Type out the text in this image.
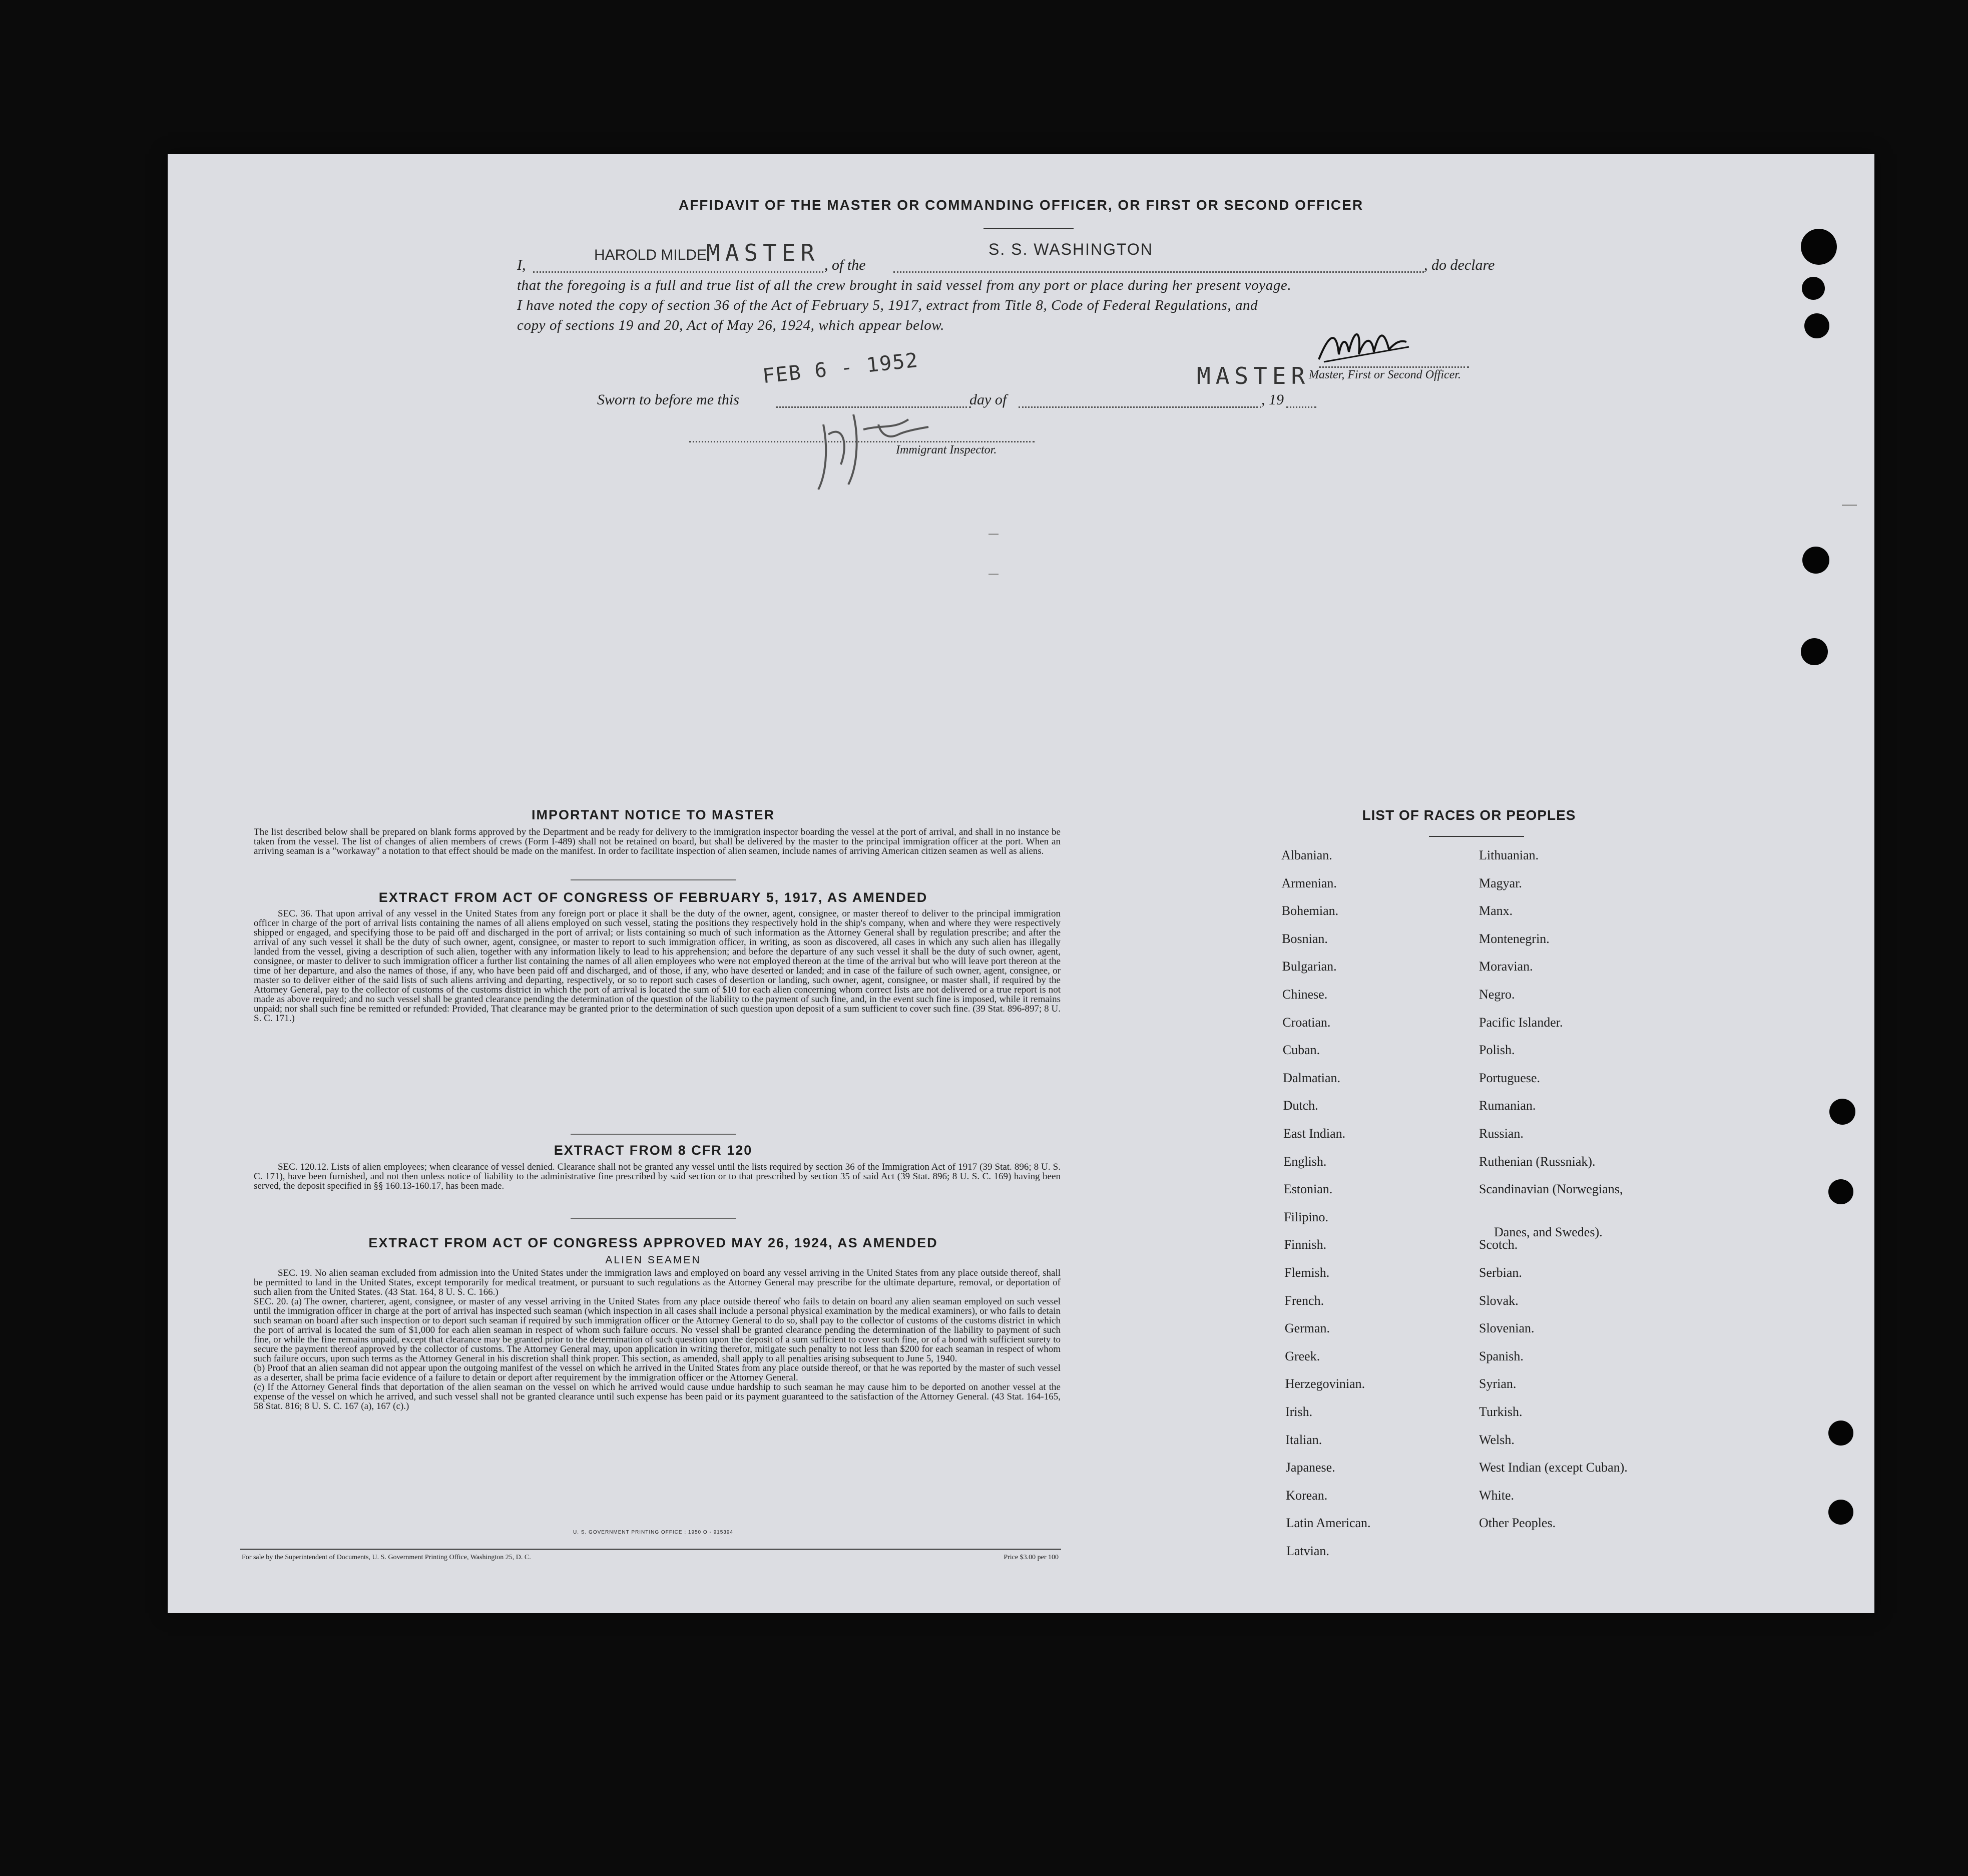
AFFIDAVIT OF THE MASTER OR COMMANDING OFFICER, OR FIRST OR SECOND OFFICER
I,
HAROLD MILDE
MASTER , of the
S. S. WASHINGTON
, do declare
that the foregoing is a full and true list of all the crew brought in said vessel from any port or place during her present voyage.
I have noted the copy of section 36 of the Act of February 5, 1917, extract from Title 8, Code of Federal Regulations, and
copy of sections 19 and 20, Act of May 26, 1924, which appear below.
Master, First or Second Officer.
Sworn to before me this
FEB 6 - 1952
day of
MASTER
, 19
Immigrant Inspector.
IMPORTANT NOTICE TO MASTER

The list described below shall be prepared on blank forms approved by the Department and be ready for delivery to the immigration inspector boarding the vessel at the port of arrival, and shall in no instance be taken from the vessel. The list of changes of alien members of crews (Form I-489) shall not be retained on board, but shall be delivered by the master to the principal immigration officer at the port. When an arriving seaman is a "workaway" a notation to that effect should be made on the manifest. In order to facilitate inspection of alien seamen, include names of arriving American citizen seamen as well as aliens.

EXTRACT FROM ACT OF CONGRESS OF FEBRUARY 5, 1917, AS AMENDED

SEC. 36. That upon arrival of any vessel in the United States from any foreign port or place it shall be the duty of the owner, agent, consignee, or master thereof to deliver to the principal immigration officer in charge of the port of arrival lists containing the names of all aliens employed on such vessel, stating the positions they respectively hold in the ship's company, when and where they were respectively shipped or engaged, and specifying those to be paid off and discharged in the port of arrival; or lists containing so much of such information as the Attorney General shall by regulation prescribe; and after the arrival of any such vessel it shall be the duty of such owner, agent, consignee, or master to report to such immigration officer, in writing, as soon as discovered, all cases in which any such alien has illegally landed from the vessel, giving a description of such alien, together with any information likely to lead to his apprehension; and before the departure of any such vessel it shall be the duty of such owner, agent, consignee, or master to deliver to such immigration officer a further list containing the names of all alien employees who were not employed thereon at the time of the arrival but who will leave port thereon at the time of her departure, and also the names of those, if any, who have been paid off and discharged, and of those, if any, who have deserted or landed; and in case of the failure of such owner, agent, consignee, or master so to deliver either of the said lists of such aliens arriving and departing, respectively, or so to report such cases of desertion or landing, such owner, agent, consignee, or master shall, if required by the Attorney General, pay to the collector of customs of the customs district in which the port of arrival is located the sum of $10 for each alien concerning whom correct lists are not delivered or a true report is not made as above required; and no such vessel shall be granted clearance pending the determination of the question of the liability to the payment of such fine, and, in the event such fine is imposed, while it remains unpaid; nor shall such fine be remitted or refunded: Provided, That clearance may be granted prior to the determination of such question upon deposit of a sum sufficient to cover such fine. (39 Stat. 896-897; 8 U. S. C. 171.)

EXTRACT FROM 8 CFR 120

SEC. 120.12. Lists of alien employees; when clearance of vessel denied. Clearance shall not be granted any vessel until the lists required by section 36 of the Immigration Act of 1917 (39 Stat. 896; 8 U. S. C. 171), have been furnished, and not then unless notice of liability to the administrative fine prescribed by said section or to that prescribed by section 35 of said Act (39 Stat. 896; 8 U. S. C. 169) having been served, the deposit specified in §§ 160.13-160.17, has been made.

EXTRACT FROM ACT OF CONGRESS APPROVED MAY 26, 1924, AS AMENDED
ALIEN SEAMEN

SEC. 19. No alien seaman excluded from admission into the United States under the immigration laws and employed on board any vessel arriving in the United States from any place outside thereof, shall be permitted to land in the United States, except temporarily for medical treatment, or pursuant to such regulations as the Attorney General may prescribe for the ultimate departure, removal, or deportation of such alien from the United States. (43 Stat. 164, 8 U. S. C. 166.)
SEC. 20. (a) The owner, charterer, agent, consignee, or master of any vessel arriving in the United States from any place outside thereof who fails to detain on board any alien seaman employed on such vessel until the immigration officer in charge at the port of arrival has inspected such seaman (which inspection in all cases shall include a personal physical examination by the medical examiners), or who fails to detain such seaman on board after such inspection or to deport such seaman if required by such immigration officer or the Attorney General to do so, shall pay to the collector of customs of the customs district in which the port of arrival is located the sum of $1,000 for each alien seaman in respect of whom such failure occurs. No vessel shall be granted clearance pending the determination of the liability to payment of such fine, or while the fine remains unpaid, except that clearance may be granted prior to the determination of such question upon the deposit of a sum sufficient to cover such fine, or of a bond with sufficient surety to secure the payment thereof approved by the collector of customs. The Attorney General may, upon application in writing therefor, mitigate such penalty to not less than $200 for each seaman in respect of whom such failure occurs, upon such terms as the Attorney General in his discretion shall think proper. This section, as amended, shall apply to all penalties arising subsequent to June 5, 1940.
(b) Proof that an alien seaman did not appear upon the outgoing manifest of the vessel on which he arrived in the United States from any place outside thereof, or that he was reported by the master of such vessel as a deserter, shall be prima facie evidence of a failure to detain or deport after requirement by the immigration officer or the Attorney General.
(c) If the Attorney General finds that deportation of the alien seaman on the vessel on which he arrived would cause undue hardship to such seaman he may cause him to be deported on another vessel at the expense of the vessel on which he arrived, and such vessel shall not be granted clearance until such expense has been paid or its payment guaranteed to the satisfaction of the Attorney General. (43 Stat. 164-165, 58 Stat. 816; 8 U. S. C. 167 (a), 167 (c).)

U. S. GOVERNMENT PRINTING OFFICE : 1950 O - 915394
For sale by the Superintendent of Documents, U. S. Government Printing Office, Washington 25, D. C.	Price $3.00 per 100
LIST OF RACES OR PEOPLES
Albanian.
Armenian.
Bohemian.
Bosnian.
Bulgarian.
Chinese.
Croatian.
Cuban.
Dalmatian.
Dutch.
East Indian.
English.
Estonian.
Filipino.
Finnish.
Flemish.
French.
German.
Greek.
Herzegovinian.
Irish.
Italian.
Japanese.
Korean.
Latin American.
Latvian.
Lithuanian.
Magyar.
Manx.
Montenegrin.
Moravian.
Negro.
Pacific Islander.
Polish.
Portuguese.
Rumanian.
Russian.
Ruthenian (Russniak).
Scandinavian (Norwegians,
Danes, and Swedes).
Scotch.
Serbian.
Slovak.
Slovenian.
Spanish.
Syrian.
Turkish.
Welsh.
West Indian (except Cuban).
White.
Other Peoples.
